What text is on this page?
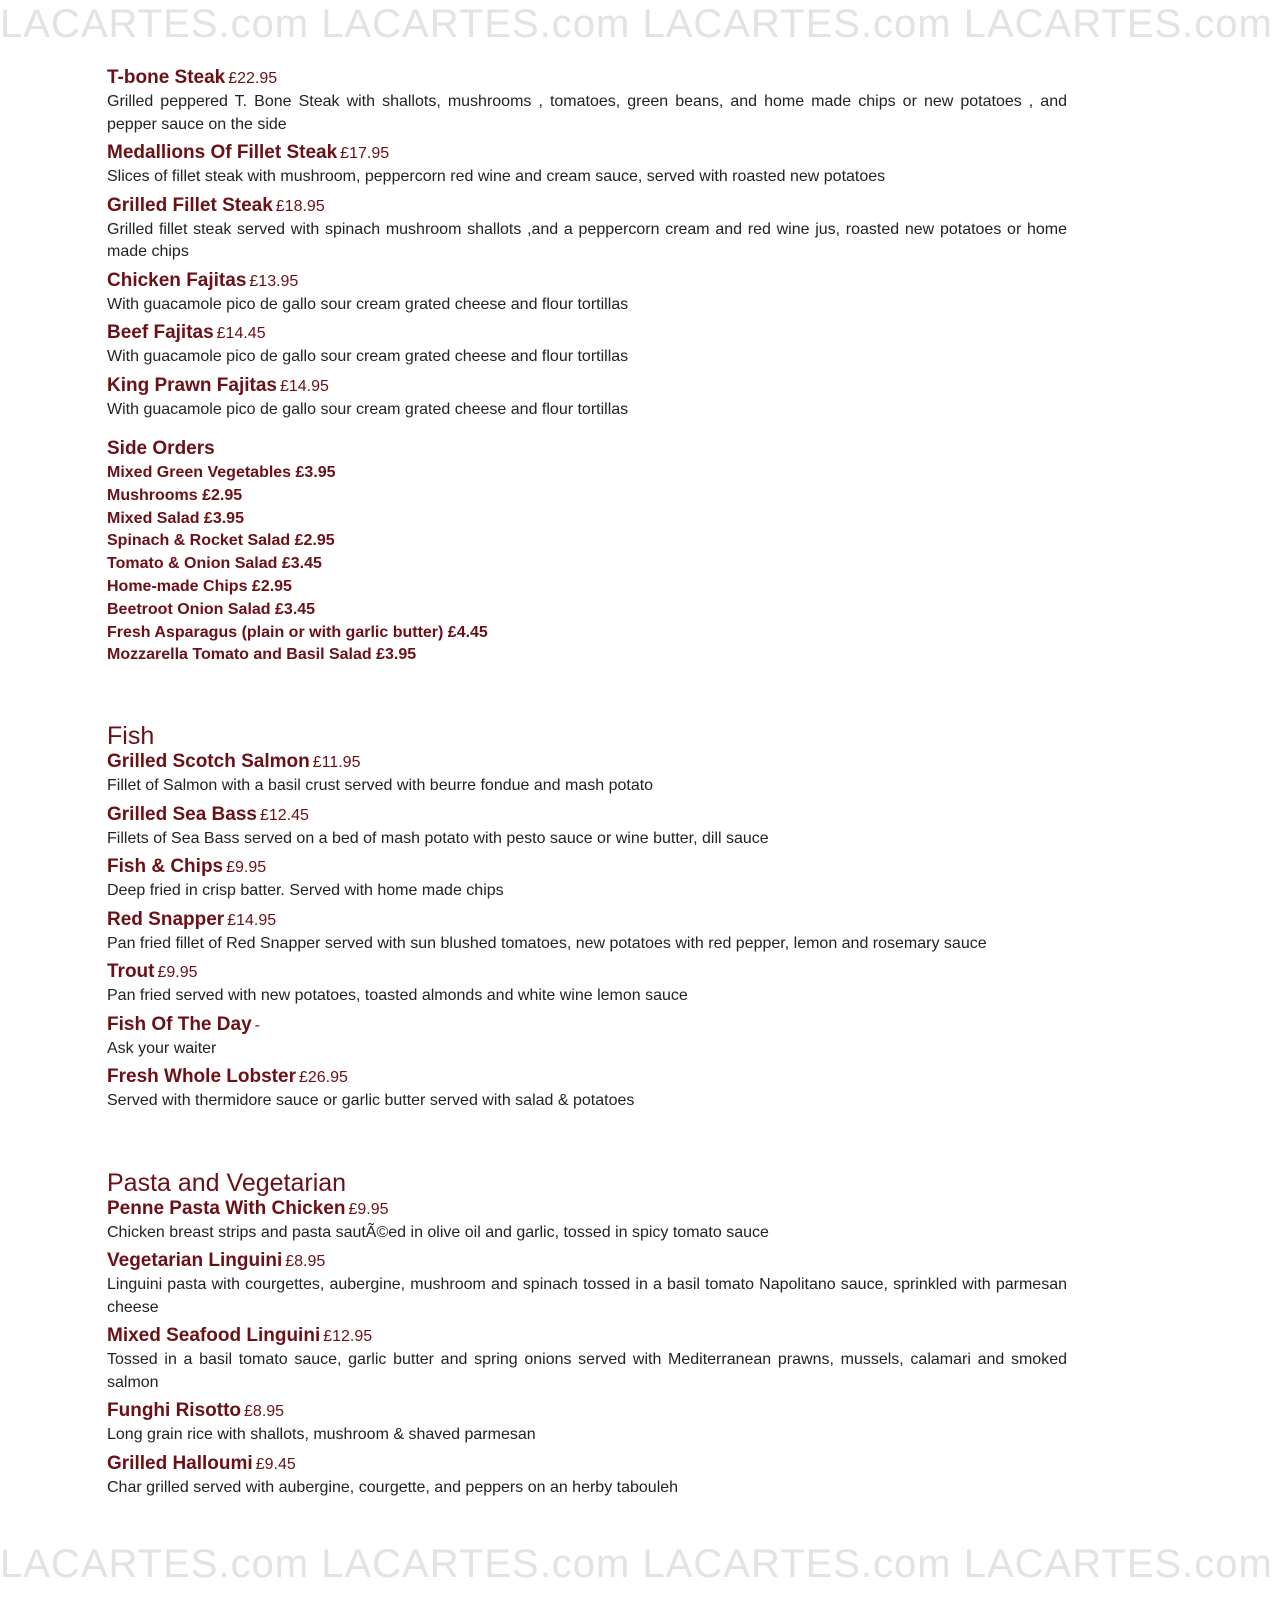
LACARTES.com LACARTES.com LACARTES.com LACARTES.com
T-bone Steak £22.95
Grilled peppered T. Bone Steak with shallots, mushrooms , tomatoes, green beans, and home made chips or new potatoes , and pepper sauce on the side
Medallions Of Fillet Steak £17.95
Slices of fillet steak with mushroom, peppercorn red wine and cream sauce, served with roasted new potatoes
Grilled Fillet Steak £18.95
Grilled fillet steak served with spinach mushroom shallots ,and a peppercorn cream and red wine jus, roasted new potatoes or home made chips
Chicken Fajitas £13.95
With guacamole pico de gallo sour cream grated cheese and flour tortillas
Beef Fajitas £14.45
With guacamole pico de gallo sour cream grated cheese and flour tortillas
King Prawn Fajitas £14.95
With guacamole pico de gallo sour cream grated cheese and flour tortillas
Side Orders
Mixed Green Vegetables £3.95
Mushrooms £2.95
Mixed Salad £3.95
Spinach & Rocket Salad £2.95
Tomato & Onion Salad £3.45
Home-made Chips £2.95
Beetroot Onion Salad £3.45
Fresh Asparagus (plain or with garlic butter) £4.45
Mozzarella Tomato and Basil Salad £3.95
Fish
Grilled Scotch Salmon £11.95
Fillet of Salmon with a basil crust served with beurre fondue and mash potato
Grilled Sea Bass £12.45
Fillets of Sea Bass served on a bed of mash potato with pesto sauce or wine butter, dill sauce
Fish & Chips £9.95
Deep fried in crisp batter. Served with home made chips
Red Snapper £14.95
Pan fried fillet of Red Snapper served with sun blushed tomatoes, new potatoes with red pepper, lemon and rosemary sauce
Trout £9.95
Pan fried served with new potatoes, toasted almonds and white wine lemon sauce
Fish Of The Day -
Ask your waiter
Fresh Whole Lobster £26.95
Served with thermidore sauce or garlic butter served with salad & potatoes
Pasta and Vegetarian
Penne Pasta With Chicken £9.95
Chicken breast strips and pasta sautÃ©ed in olive oil and garlic, tossed in spicy tomato sauce
Vegetarian Linguini £8.95
Linguini pasta with courgettes, aubergine, mushroom and spinach tossed in a basil tomato Napolitano sauce, sprinkled with parmesan cheese
Mixed Seafood Linguini £12.95
Tossed in a basil tomato sauce, garlic butter and spring onions served with Mediterranean prawns, mussels, calamari and smoked salmon
Funghi Risotto £8.95
Long grain rice with shallots, mushroom & shaved parmesan
Grilled Halloumi £9.45
Char grilled served with aubergine, courgette, and peppers on an herby tabouleh
LACARTES.com LACARTES.com LACARTES.com LACARTES.com
